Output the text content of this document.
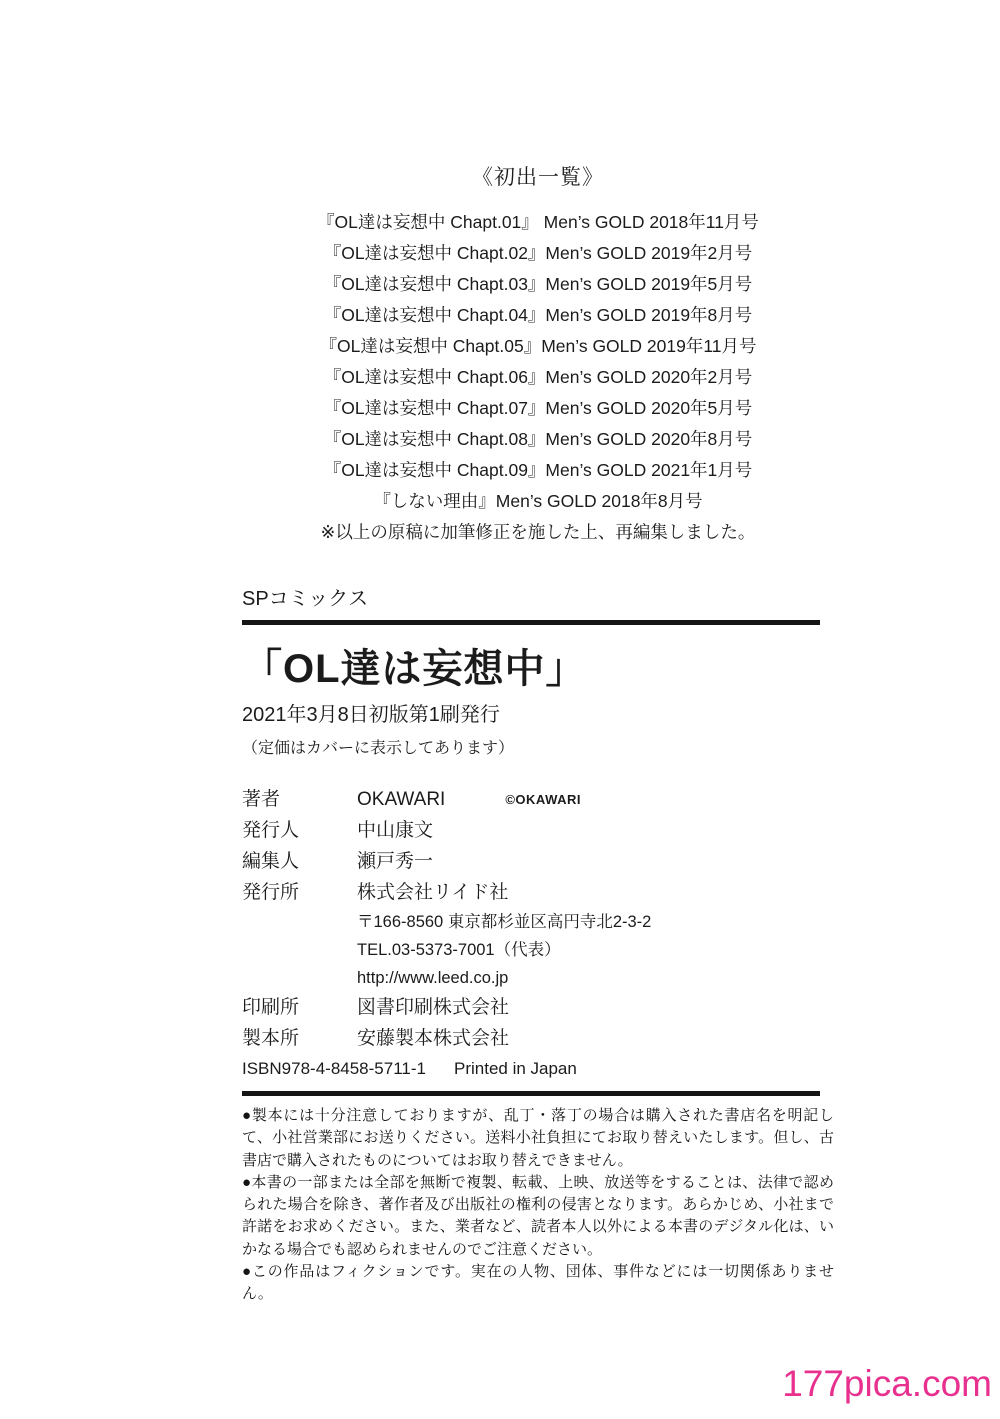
《初出一覧》
『OL達は妄想中 Chapt.01』 Men’s GOLD 2018年11月号
『OL達は妄想中 Chapt.02』Men’s GOLD 2019年2月号
『OL達は妄想中 Chapt.03』Men’s GOLD 2019年5月号
『OL達は妄想中 Chapt.04』Men’s GOLD 2019年8月号
『OL達は妄想中 Chapt.05』Men’s GOLD 2019年11月号
『OL達は妄想中 Chapt.06』Men’s GOLD 2020年2月号
『OL達は妄想中 Chapt.07』Men’s GOLD 2020年5月号
『OL達は妄想中 Chapt.08』Men’s GOLD 2020年8月号
『OL達は妄想中 Chapt.09』Men’s GOLD 2021年1月号
『しない理由』Men’s GOLD 2018年8月号
※以上の原稿に加筆修正を施した上、再編集しました。
SPコミックス
「OL達は妄想中」
2021年3月8日初版第1刷発行
（定価はカバーに表示してあります）
著者	OKAWARI	©OKAWARI
発行人	中山康文
編集人	瀬戸秀一
発行所	株式会社リイド社
〒166-8560 東京都杉並区高円寺北2-3-2
TEL.03-5373-7001（代表）
http://www.leed.co.jp
印刷所	図書印刷株式会社
製本所	安藤製本株式会社
ISBN978-4-8458-5711-1 Printed in Japan

●製本には十分注意しておりますが、乱丁・落丁の場合は購入された書店名を明記して、小社営業部にお送りください。送料小社負担にてお取り替えいたします。但し、古書店で購入されたものについてはお取り替えできません。

●本書の一部または全部を無断で複製、転載、上映、放送等をすることは、法律で認められた場合を除き、著作者及び出版社の権利の侵害となります。あらかじめ、小社まで許諾をお求めください。また、業者など、読者本人以外による本書のデジタル化は、いかなる場合でも認められませんのでご注意ください。

●この作品はフィクションです。実在の人物、団体、事件などには一切関係ありません。

177pica.com
